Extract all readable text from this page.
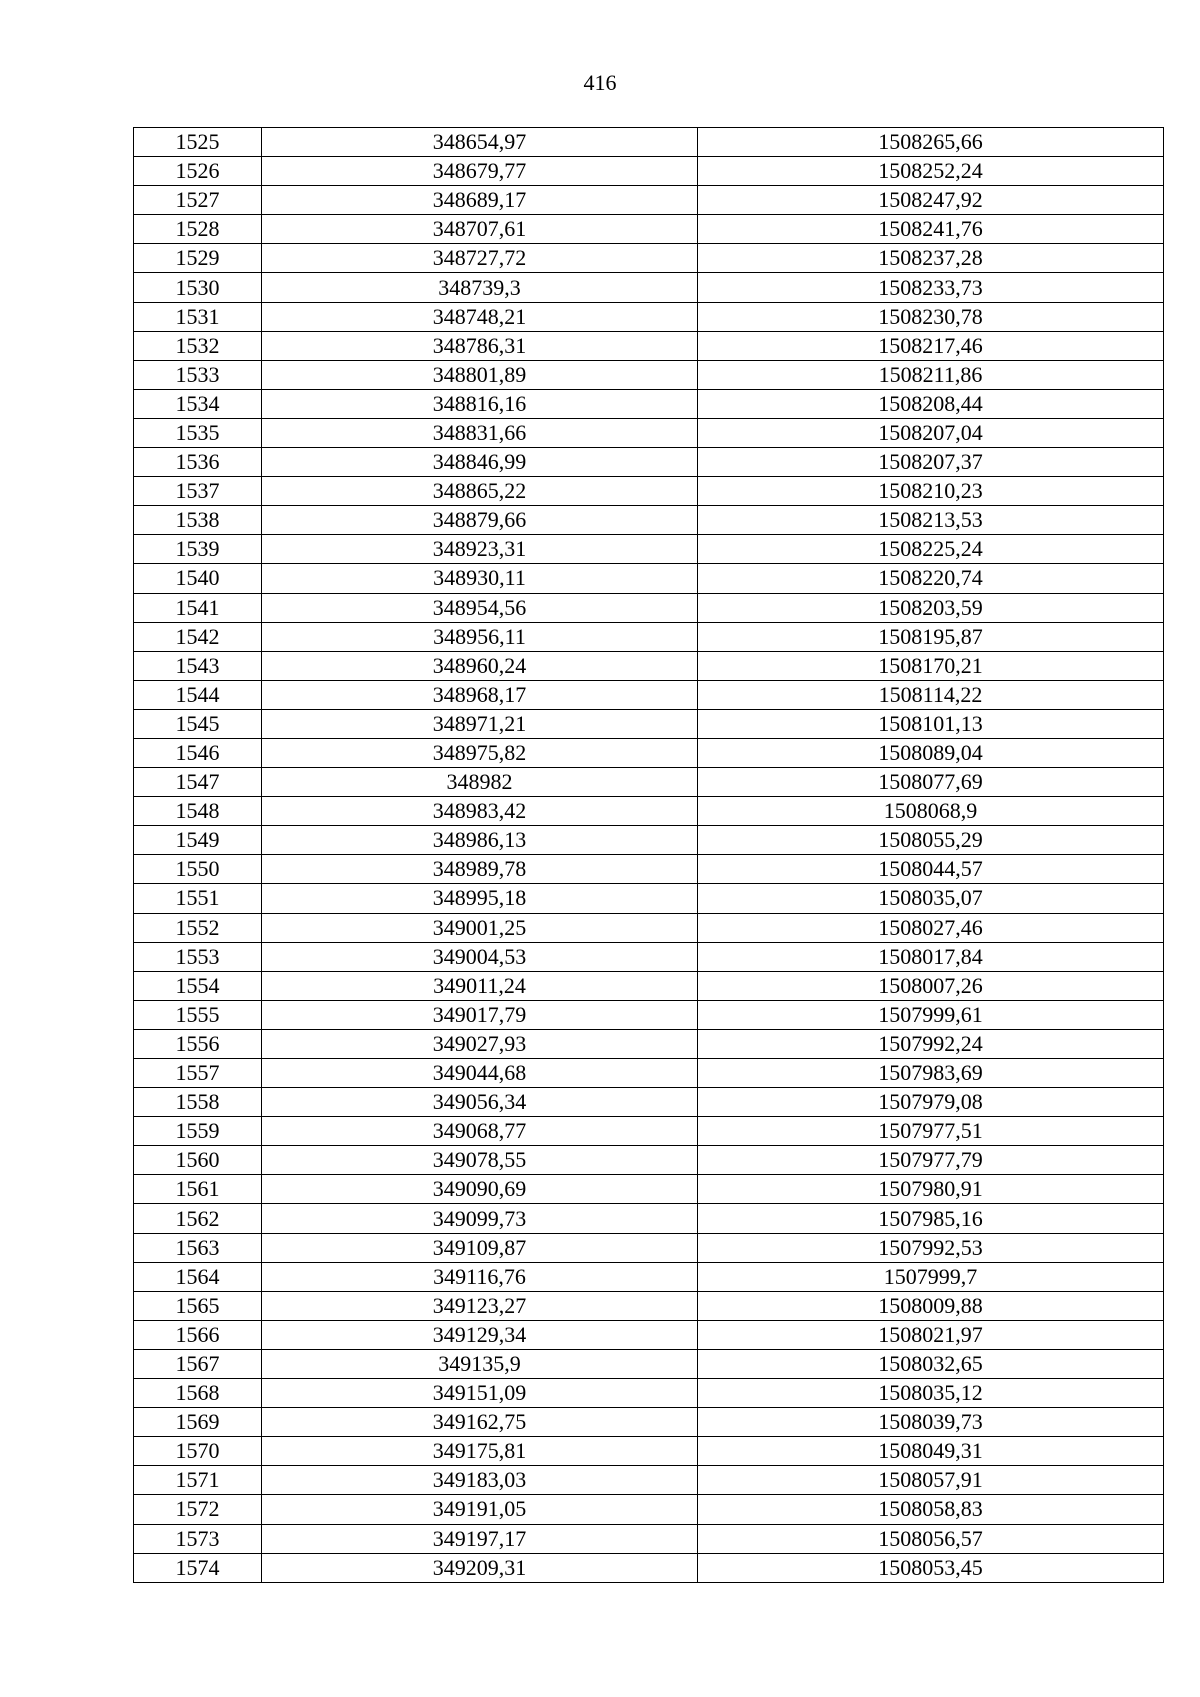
416
1525	348654,97	1508265,66
1526	348679,77	1508252,24
1527	348689,17	1508247,92
1528	348707,61	1508241,76
1529	348727,72	1508237,28
1530	348739,3	1508233,73
1531	348748,21	1508230,78
1532	348786,31	1508217,46
1533	348801,89	1508211,86
1534	348816,16	1508208,44
1535	348831,66	1508207,04
1536	348846,99	1508207,37
1537	348865,22	1508210,23
1538	348879,66	1508213,53
1539	348923,31	1508225,24
1540	348930,11	1508220,74
1541	348954,56	1508203,59
1542	348956,11	1508195,87
1543	348960,24	1508170,21
1544	348968,17	1508114,22
1545	348971,21	1508101,13
1546	348975,82	1508089,04
1547	348982	1508077,69
1548	348983,42	1508068,9
1549	348986,13	1508055,29
1550	348989,78	1508044,57
1551	348995,18	1508035,07
1552	349001,25	1508027,46
1553	349004,53	1508017,84
1554	349011,24	1508007,26
1555	349017,79	1507999,61
1556	349027,93	1507992,24
1557	349044,68	1507983,69
1558	349056,34	1507979,08
1559	349068,77	1507977,51
1560	349078,55	1507977,79
1561	349090,69	1507980,91
1562	349099,73	1507985,16
1563	349109,87	1507992,53
1564	349116,76	1507999,7
1565	349123,27	1508009,88
1566	349129,34	1508021,97
1567	349135,9	1508032,65
1568	349151,09	1508035,12
1569	349162,75	1508039,73
1570	349175,81	1508049,31
1571	349183,03	1508057,91
1572	349191,05	1508058,83
1573	349197,17	1508056,57
1574	349209,31	1508053,45
